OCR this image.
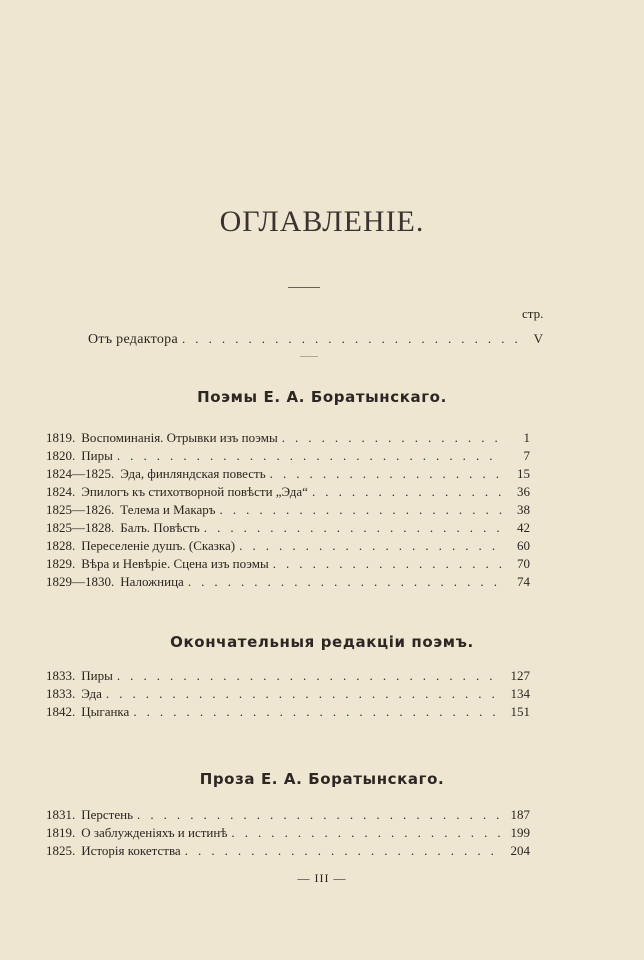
ОГЛАВЛЕНІЕ.
стр.
Отъ редактора . . .	V
Поэмы Е. А. Боратынскаго.
1819. Воспоминанія. Отрывки изъ поэмы . . .	1
1820. Пиры . . .	7
1824—1825. Эда, финляндская повесть . . .	15
1824. Эпилогъ къ стихотворной повѣсти „Эда“ . . .	36
1825—1826. Телема и Макаръ . . .	38
1825—1828. Балъ. Повѣсть . . .	42
1828. Переселеніе душъ. (Сказка) . . .	60
1829. Вѣра и Невѣріе. Сцена изъ поэмы . . .	70
1829—1830. Наложница . . .	74
Окончательныя редакціи поэмъ.
1833. Пиры . . .	127
1833. Эда . . .	134
1842. Цыганка . . .	151
Проза Е. А. Боратынскаго.
1831. Перстень . . .	187
1819. О заблужденіяхъ и истинѣ . . .	199
1825. Исторія кокетства . . .	204
— III —
